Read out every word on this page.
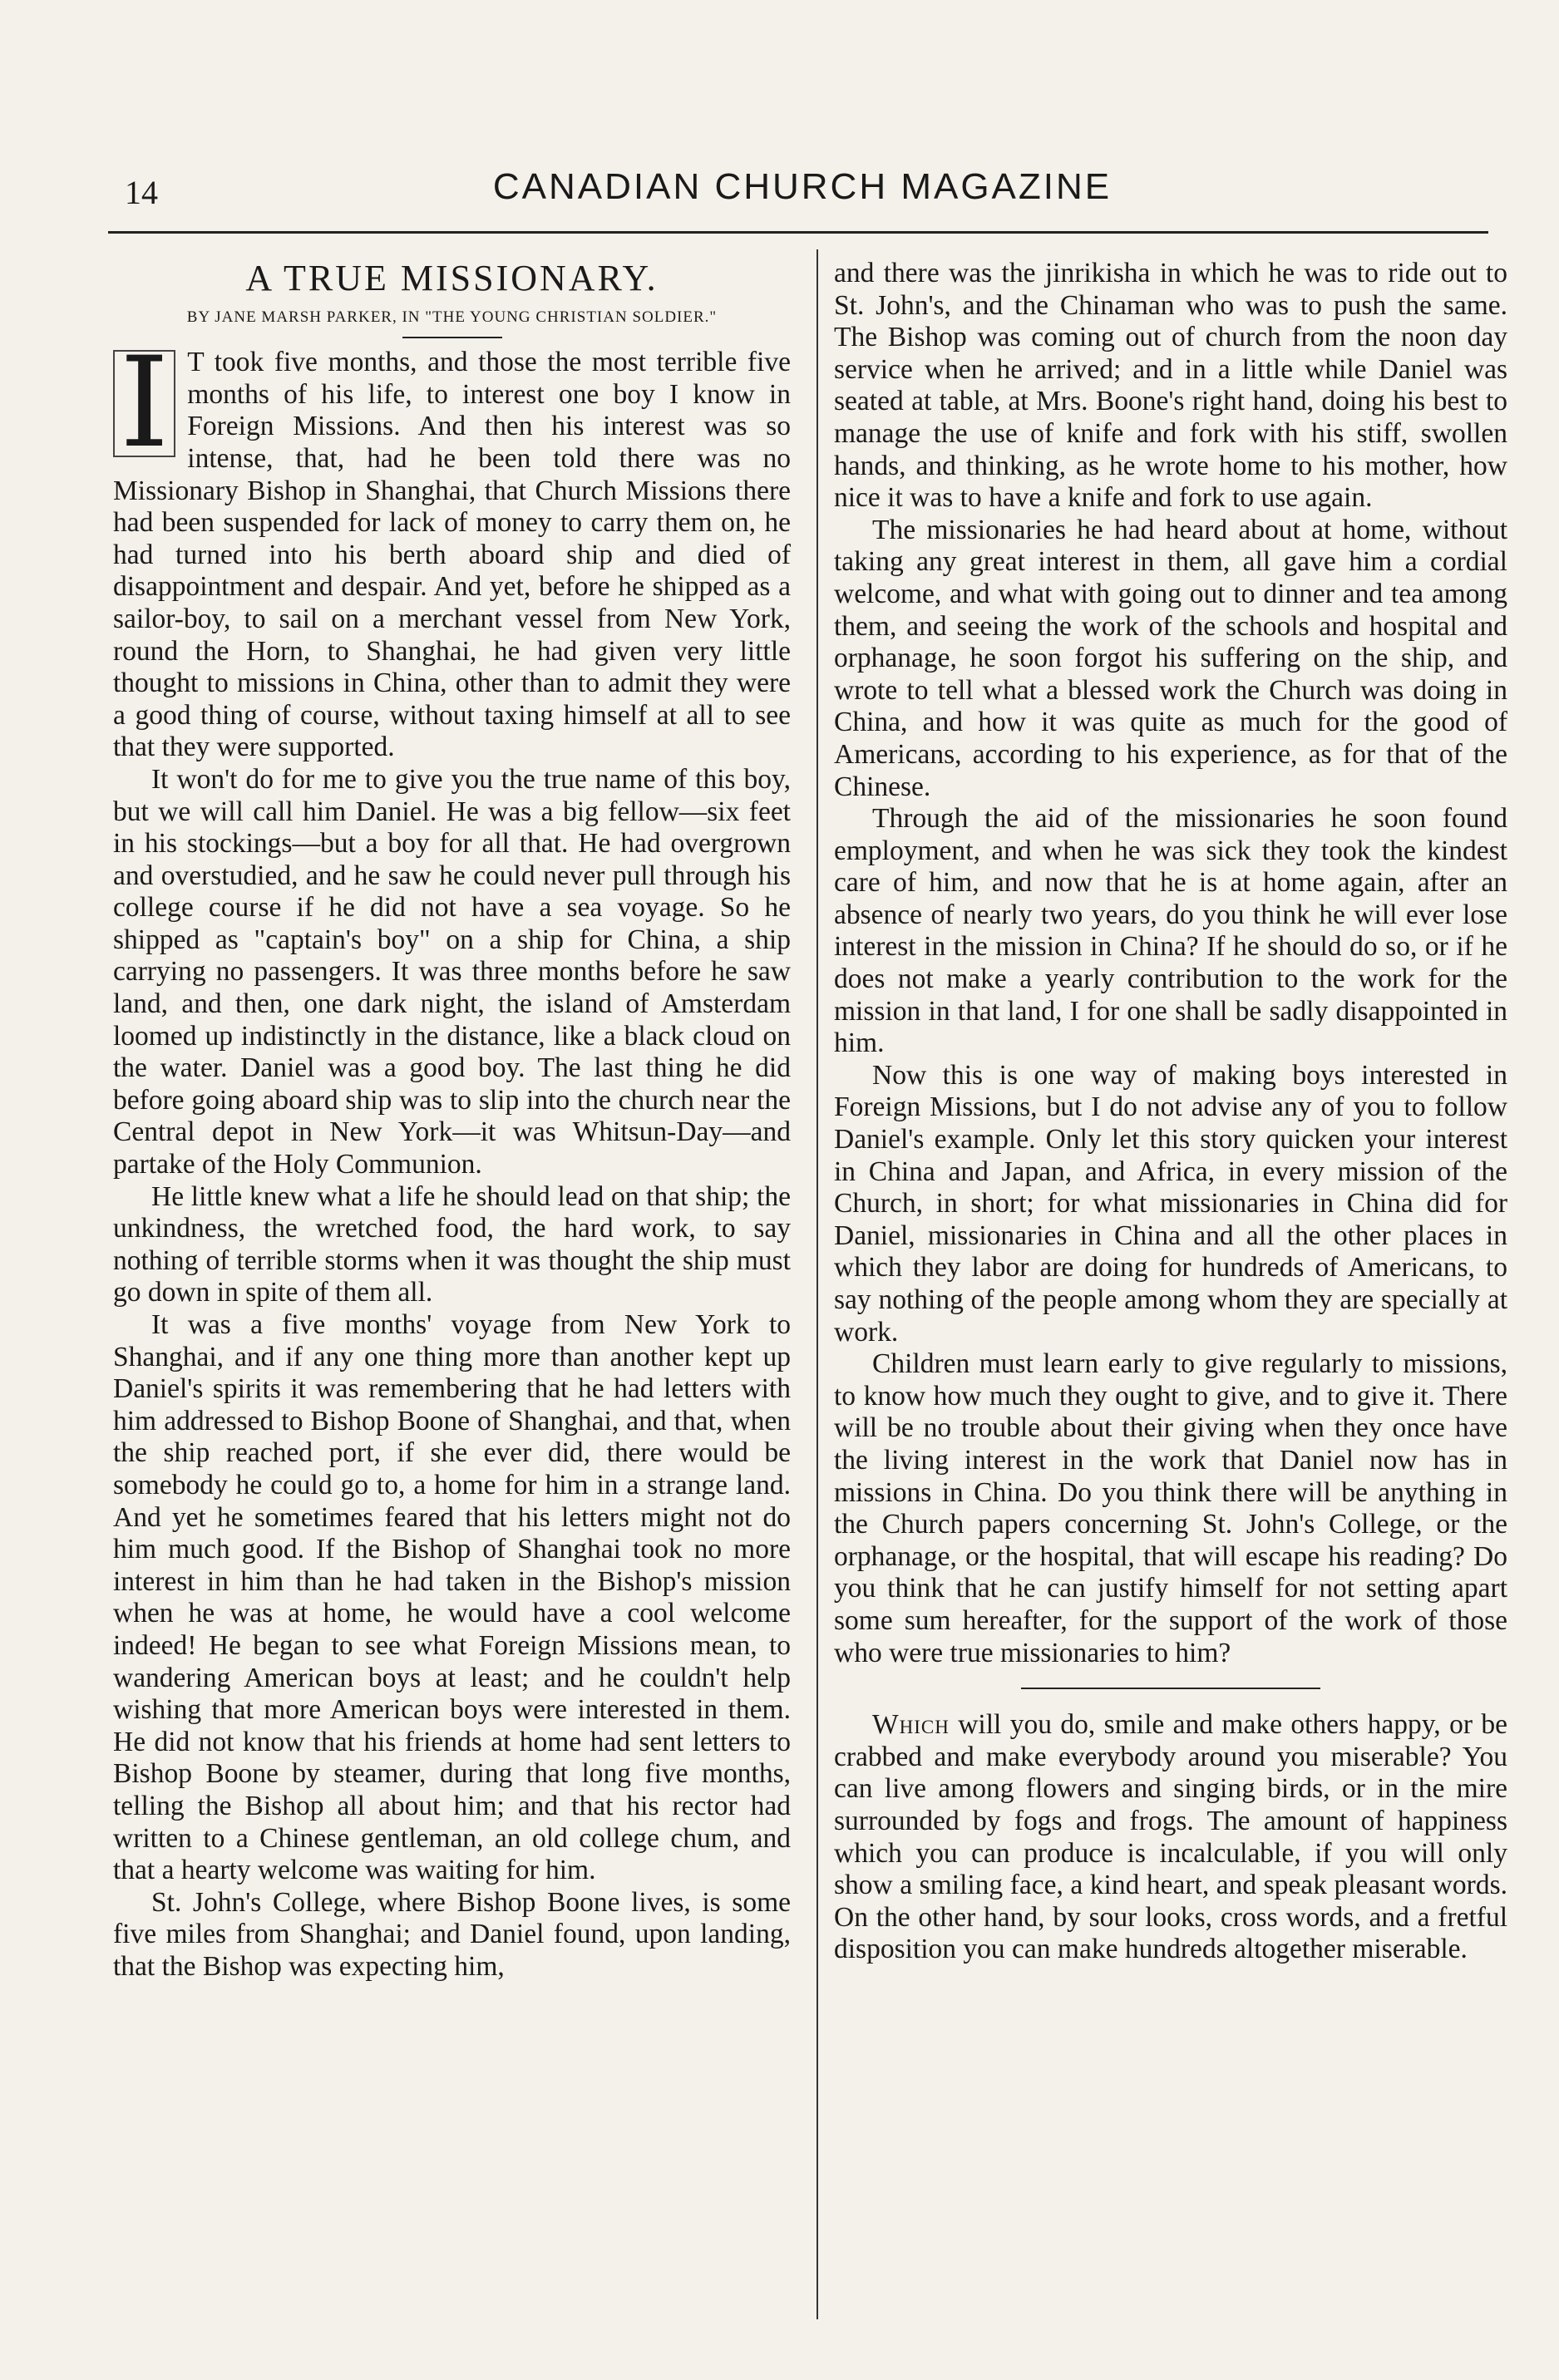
14	CANADIAN CHURCH MAGAZINE
A TRUE MISSIONARY.
BY JANE MARSH PARKER, IN "THE YOUNG CHRISTIAN SOLDIER."

I T took five months, and those the most terrible five months of his life, to interest one boy I know in Foreign Missions. And then his interest was so intense, that, had he been told there was no Missionary Bishop in Shanghai, that Church Missions there had been suspended for lack of money to carry them on, he had turned into his berth aboard ship and died of disappointment and despair. And yet, before he shipped as a sailor-boy, to sail on a merchant vessel from New York, round the Horn, to Shanghai, he had given very little thought to missions in China, other than to admit they were a good thing of course, without taxing himself at all to see that they were supported.

It won't do for me to give you the true name of this boy, but we will call him Daniel. He was a big fellow—six feet in his stockings—but a boy for all that. He had overgrown and overstudied, and he saw he could never pull through his college course if he did not have a sea voyage. So he shipped as "captain's boy" on a ship for China, a ship carrying no passengers. It was three months before he saw land, and then, one dark night, the island of Amsterdam loomed up indistinctly in the distance, like a black cloud on the water. Daniel was a good boy. The last thing he did before going aboard ship was to slip into the church near the Central depot in New York—it was Whitsun-Day—and partake of the Holy Communion.

He little knew what a life he should lead on that ship; the unkindness, the wretched food, the hard work, to say nothing of terrible storms when it was thought the ship must go down in spite of them all.

It was a five months' voyage from New York to Shanghai, and if any one thing more than another kept up Daniel's spirits it was remembering that he had letters with him addressed to Bishop Boone of Shanghai, and that, when the ship reached port, if she ever did, there would be somebody he could go to, a home for him in a strange land. And yet he sometimes feared that his letters might not do him much good. If the Bishop of Shanghai took no more interest in him than he had taken in the Bishop's mission when he was at home, he would have a cool welcome indeed! He began to see what Foreign Missions mean, to wandering American boys at least; and he couldn't help wishing that more American boys were interested in them. He did not know that his friends at home had sent letters to Bishop Boone by steamer, during that long five months, telling the Bishop all about him; and that his rector had written to a Chinese gentleman, an old college chum, and that a hearty welcome was waiting for him.

St. John's College, where Bishop Boone lives, is some five miles from Shanghai; and Daniel found, upon landing, that the Bishop was expecting him,

and there was the jinrikisha in which he was to ride out to St. John's, and the Chinaman who was to push the same. The Bishop was coming out of church from the noon day service when he arrived; and in a little while Daniel was seated at table, at Mrs. Boone's right hand, doing his best to manage the use of knife and fork with his stiff, swollen hands, and thinking, as he wrote home to his mother, how nice it was to have a knife and fork to use again.

The missionaries he had heard about at home, without taking any great interest in them, all gave him a cordial welcome, and what with going out to dinner and tea among them, and seeing the work of the schools and hospital and orphanage, he soon forgot his suffering on the ship, and wrote to tell what a blessed work the Church was doing in China, and how it was quite as much for the good of Americans, according to his experience, as for that of the Chinese.

Through the aid of the missionaries he soon found employment, and when he was sick they took the kindest care of him, and now that he is at home again, after an absence of nearly two years, do you think he will ever lose interest in the mission in China? If he should do so, or if he does not make a yearly contribution to the work for the mission in that land, I for one shall be sadly disappointed in him.

Now this is one way of making boys interested in Foreign Missions, but I do not advise any of you to follow Daniel's example. Only let this story quicken your interest in China and Japan, and Africa, in every mission of the Church, in short; for what missionaries in China did for Daniel, missionaries in China and all the other places in which they labor are doing for hundreds of Americans, to say nothing of the people among whom they are specially at work.

Children must learn early to give regularly to missions, to know how much they ought to give, and to give it. There will be no trouble about their giving when they once have the living interest in the work that Daniel now has in missions in China. Do you think there will be anything in the Church papers concerning St. John's College, or the orphanage, or the hospital, that will escape his reading? Do you think that he can justify himself for not setting apart some sum hereafter, for the support of the work of those who were true missionaries to him?

Which will you do, smile and make others happy, or be crabbed and make everybody around you miserable? You can live among flowers and singing birds, or in the mire surrounded by fogs and frogs. The amount of happiness which you can produce is incalculable, if you will only show a smiling face, a kind heart, and speak pleasant words. On the other hand, by sour looks, cross words, and a fretful disposition you can make hundreds altogether miserable.
